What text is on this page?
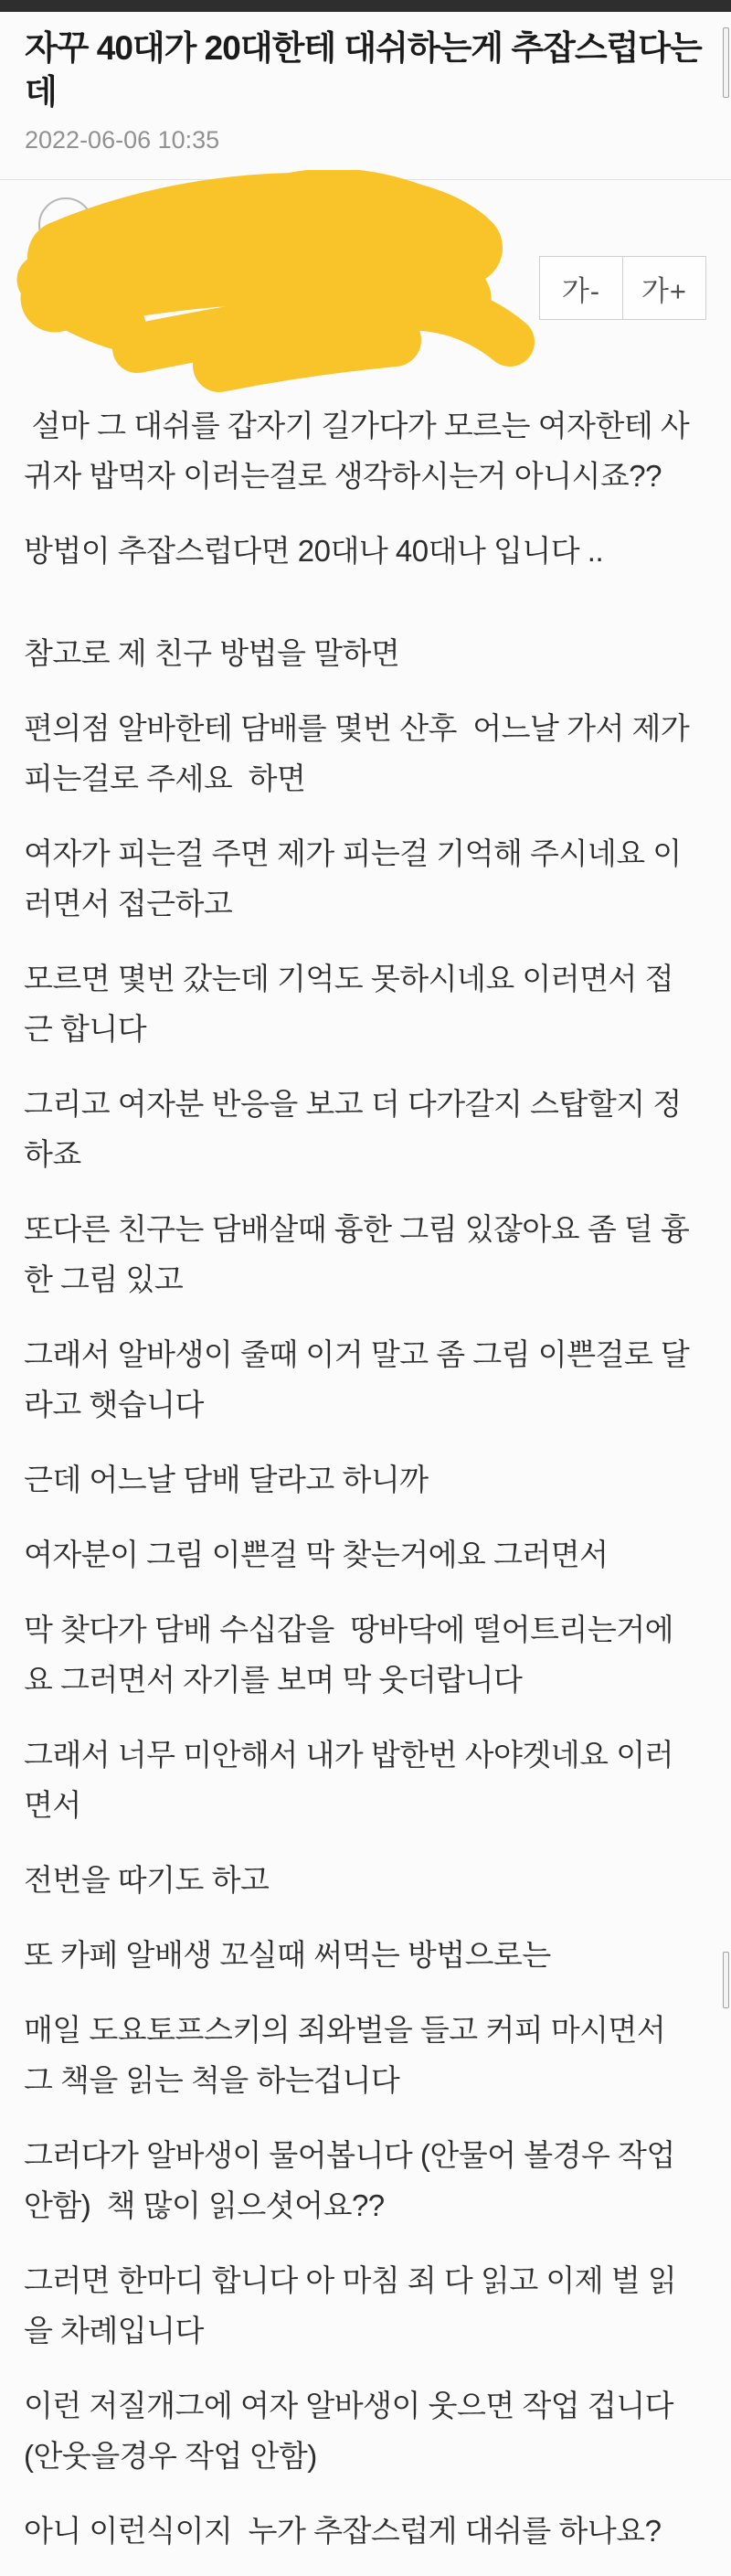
자꾸 40대가 20대한테 대쉬하는게 추잡스럽다는데
2022-06-06 10:35
가-	가+

설마 그 대쉬를 갑자기 길가다가 모르는 여자한테 사귀자 밥먹자 이러는걸로 생각하시는거 아니시죠??

방법이 추잡스럽다면 20대나 40대나 입니다 ..

참고로 제 친구 방법을 말하면

편의점 알바한테 담배를 몇번 산후  어느날 가서 제가 피는걸로 주세요  하면

여자가 피는걸 주면 제가 피는걸 기억해 주시네요 이러면서 접근하고

모르면 몇번 갔는데 기억도 못하시네요 이러면서 접근 합니다

그리고 여자분 반응을 보고 더 다가갈지 스탑할지 정하죠

또다른 친구는 담배살때 흉한 그림 있잖아요 좀 덜 흉한 그림 있고

그래서 알바생이 줄때 이거 말고 좀 그림 이쁜걸로 달라고 햇습니다

근데 어느날 담배 달라고 하니까

여자분이 그림 이쁜걸 막 찾는거에요 그러면서

막 찾다가 담배 수십갑을  땅바닥에 떨어트리는거에요 그러면서 자기를 보며 막 웃더랍니다

그래서 너무 미안해서 내가 밥한번 사야겟네요 이러면서

전번을 따기도 하고

또 카페 알배생 꼬실때 써먹는 방법으로는

매일 도요토프스키의 죄와벌을 들고 커피 마시면서 그 책을 읽는 척을 하는겁니다

그러다가 알바생이 물어봅니다 (안물어 볼경우 작업 안함)  책 많이 읽으셧어요??

그러면 한마디 합니다 아 마침 죄 다 읽고 이제 벌 읽을 차례입니다

이런 저질개그에 여자 알바생이 웃으면 작업 겁니다 (안웃을경우 작업 안함)

아니 이런식이지  누가 추잡스럽게 대쉬를 하나요?
